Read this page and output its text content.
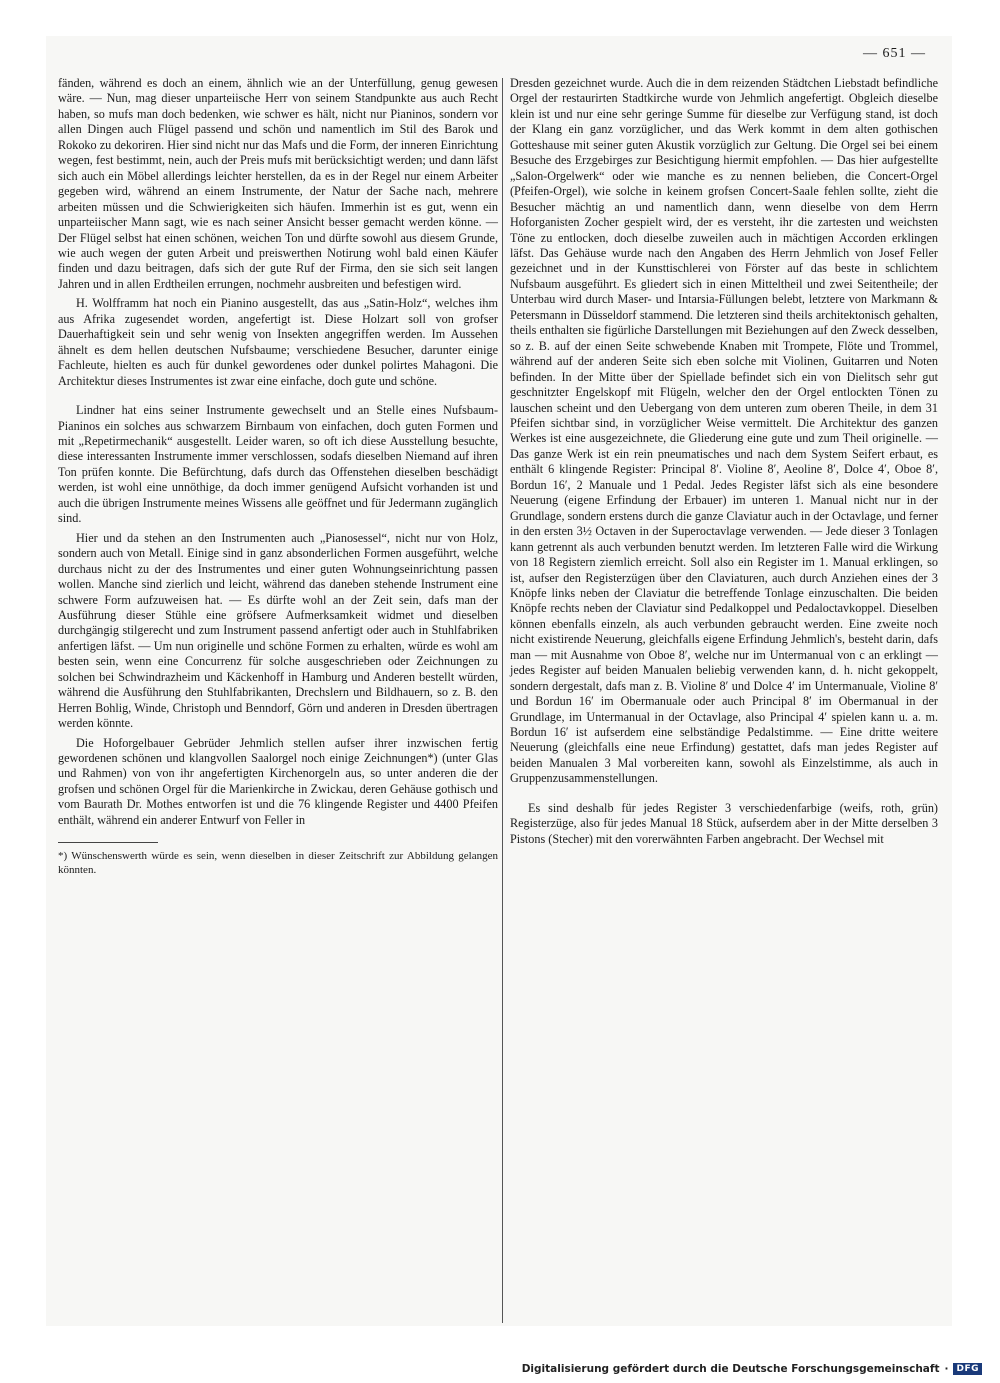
— 651 —

fänden, während es doch an einem, ähnlich wie an der Unterfüllung, genug gewesen wäre. — Nun, mag dieser unparteiische Herr von seinem Standpunkte aus auch Recht haben, so mufs man doch bedenken, wie schwer es hält, nicht nur Pianinos, sondern vor allen Dingen auch Flügel passend und schön und namentlich im Stil des Barok und Rokoko zu dekoriren. Hier sind nicht nur das Mafs und die Form, der inneren Einrichtung wegen, fest bestimmt, nein, auch der Preis mufs mit berücksichtigt werden; und dann läfst sich auch ein Möbel allerdings leichter herstellen, da es in der Regel nur einem Arbeiter gegeben wird, während an einem Instrumente, der Natur der Sache nach, mehrere arbeiten müssen und die Schwierigkeiten sich häufen. Immerhin ist es gut, wenn ein unparteiischer Mann sagt, wie es nach seiner Ansicht besser gemacht werden könne. — Der Flügel selbst hat einen schönen, weichen Ton und dürfte sowohl aus diesem Grunde, wie auch wegen der guten Arbeit und preiswerthen Notirung wohl bald einen Käufer finden und dazu beitragen, dafs sich der gute Ruf der Firma, den sie sich seit langen Jahren und in allen Erdtheilen errungen, nochmehr ausbreiten und befestigen wird.

H. Wolfframm hat noch ein Pianino ausgestellt, das aus „Satin-Holz“, welches ihm aus Afrika zugesendet worden, angefertigt ist. Diese Holzart soll von grofser Dauerhaftigkeit sein und sehr wenig von Insekten angegriffen werden. Im Aussehen ähnelt es dem hellen deutschen Nufsbaume; verschiedene Besucher, darunter einige Fachleute, hielten es auch für dunkel gewordenes oder dunkel polirtes Mahagoni. Die Architektur dieses Instrumentes ist zwar eine einfache, doch gute und schöne.

Lindner hat eins seiner Instrumente gewechselt und an Stelle eines Nufsbaum-Pianinos ein solches aus schwarzem Birnbaum von einfachen, doch guten Formen und mit „Repetirmechanik“ ausgestellt. Leider waren, so oft ich diese Ausstellung besuchte, diese interessanten Instrumente immer verschlossen, sodafs dieselben Niemand auf ihren Ton prüfen konnte. Die Befürchtung, dafs durch das Offenstehen dieselben beschädigt werden, ist wohl eine unnöthige, da doch immer genügend Aufsicht vorhanden ist und auch die übrigen Instrumente meines Wissens alle geöffnet und für Jedermann zugänglich sind.

Hier und da stehen an den Instrumenten auch „Pianosessel“, nicht nur von Holz, sondern auch von Metall. Einige sind in ganz absonderlichen Formen ausgeführt, welche durchaus nicht zu der des Instrumentes und einer guten Wohnungseinrichtung passen wollen. Manche sind zierlich und leicht, während das daneben stehende Instrument eine schwere Form aufzuweisen hat. — Es dürfte wohl an der Zeit sein, dafs man der Ausführung dieser Stühle eine gröfsere Aufmerksamkeit widmet und dieselben durchgängig stilgerecht und zum Instrument passend anfertigt oder auch in Stuhlfabriken anfertigen läfst. — Um nun originelle und schöne Formen zu erhalten, würde es wohl am besten sein, wenn eine Concurrenz für solche ausgeschrieben oder Zeichnungen zu solchen bei Schwindrazheim und Käckenhoff in Hamburg und Anderen bestellt würden, während die Ausführung den Stuhlfabrikanten, Drechslern und Bildhauern, so z. B. den Herren Bohlig, Winde, Christoph und Benndorf, Görn und anderen in Dresden übertragen werden könnte.

Die Hoforgelbauer Gebrüder Jehmlich stellen aufser ihrer inzwischen fertig gewordenen schönen und klangvollen Saalorgel noch einige Zeichnungen*) (unter Glas und Rahmen) von von ihr angefertigten Kirchenorgeln aus, so unter anderen die der grofsen und schönen Orgel für die Marienkirche in Zwickau, deren Gehäuse gothisch und vom Baurath Dr. Mothes entworfen ist und die 76 klingende Register und 4400 Pfeifen enthält, während ein anderer Entwurf von Feller in

*) Wünschenswerth würde es sein, wenn dieselben in dieser Zeitschrift zur Abbildung gelangen könnten.

Dresden gezeichnet wurde. Auch die in dem reizenden Städtchen Liebstadt befindliche Orgel der restaurirten Stadtkirche wurde von Jehmlich angefertigt. Obgleich dieselbe klein ist und nur eine sehr geringe Summe für dieselbe zur Verfügung stand, ist doch der Klang ein ganz vorzüglicher, und das Werk kommt in dem alten gothischen Gotteshause mit seiner guten Akustik vorzüglich zur Geltung. Die Orgel sei bei einem Besuche des Erzgebirges zur Besichtigung hiermit empfohlen. — Das hier aufgestellte „Salon-Orgelwerk“ oder wie manche es zu nennen belieben, die Concert-Orgel (Pfeifen-Orgel), wie solche in keinem grofsen Concert-Saale fehlen sollte, zieht die Besucher mächtig an und namentlich dann, wenn dieselbe von dem Herrn Hoforganisten Zocher gespielt wird, der es versteht, ihr die zartesten und weichsten Töne zu entlocken, doch dieselbe zuweilen auch in mächtigen Accorden erklingen läfst. Das Gehäuse wurde nach den Angaben des Herrn Jehmlich von Josef Feller gezeichnet und in der Kunsttischlerei von Förster auf das beste in schlichtem Nufsbaum ausgeführt. Es gliedert sich in einen Mitteltheil und zwei Seitentheile; der Unterbau wird durch Maser- und Intarsia-Füllungen belebt, letztere von Markmann & Petersmann in Düsseldorf stammend. Die letzteren sind theils architektonisch gehalten, theils enthalten sie figürliche Darstellungen mit Beziehungen auf den Zweck desselben, so z. B. auf der einen Seite schwebende Knaben mit Trompete, Flöte und Trommel, während auf der anderen Seite sich eben solche mit Violinen, Guitarren und Noten befinden. In der Mitte über der Spiellade befindet sich ein von Dielitsch sehr gut geschnitzter Engelskopf mit Flügeln, welcher den der Orgel entlockten Tönen zu lauschen scheint und den Uebergang von dem unteren zum oberen Theile, in dem 31 Pfeifen sichtbar sind, in vorzüglicher Weise vermittelt. Die Architektur des ganzen Werkes ist eine ausgezeichnete, die Gliederung eine gute und zum Theil originelle. — Das ganze Werk ist ein rein pneumatisches und nach dem System Seifert erbaut, es enthält 6 klingende Register: Principal 8′. Violine 8′, Aeoline 8′, Dolce 4′, Oboe 8′, Bordun 16′, 2 Manuale und 1 Pedal. Jedes Register läfst sich als eine besondere Neuerung (eigene Erfindung der Erbauer) im unteren 1. Manual nicht nur in der Grundlage, sondern erstens durch die ganze Claviatur auch in der Octavlage, und ferner in den ersten 3½ Octaven in der Superoctavlage verwenden. — Jede dieser 3 Tonlagen kann getrennt als auch verbunden benutzt werden. Im letzteren Falle wird die Wirkung von 18 Registern ziemlich erreicht. Soll also ein Register im 1. Manual erklingen, so ist, aufser den Registerzügen über den Claviaturen, auch durch Anziehen eines der 3 Knöpfe links neben der Claviatur die betreffende Tonlage einzuschalten. Die beiden Knöpfe rechts neben der Claviatur sind Pedalkoppel und Pedaloctavkoppel. Dieselben können ebenfalls einzeln, als auch verbunden gebraucht werden. Eine zweite noch nicht existirende Neuerung, gleichfalls eigene Erfindung Jehmlich's, besteht darin, dafs man — mit Ausnahme von Oboe 8′, welche nur im Untermanual von c an erklingt — jedes Register auf beiden Manualen beliebig verwenden kann, d. h. nicht gekoppelt, sondern dergestalt, dafs man z. B. Violine 8′ und Dolce 4′ im Untermanuale, Violine 8′ und Bordun 16′ im Obermanuale oder auch Principal 8′ im Obermanual in der Grundlage, im Untermanual in der Octavlage, also Principal 4′ spielen kann u. a. m. Bordun 16′ ist aufserdem eine selbständige Pedalstimme. — Eine dritte weitere Neuerung (gleichfalls eine neue Erfindung) gestattet, dafs man jedes Register auf beiden Manualen 3 Mal vorbereiten kann, sowohl als Einzelstimme, als auch in Gruppenzusammenstellungen.

Es sind deshalb für jedes Register 3 verschiedenfarbige (weifs, roth, grün) Registerzüge, also für jedes Manual 18 Stück, aufserdem aber in der Mitte derselben 3 Pistons (Stecher) mit den vorerwähnten Farben angebracht. Der Wechsel mit

Digitalisierung gefördert durch die Deutsche Forschungsgemeinschaft · DFG
